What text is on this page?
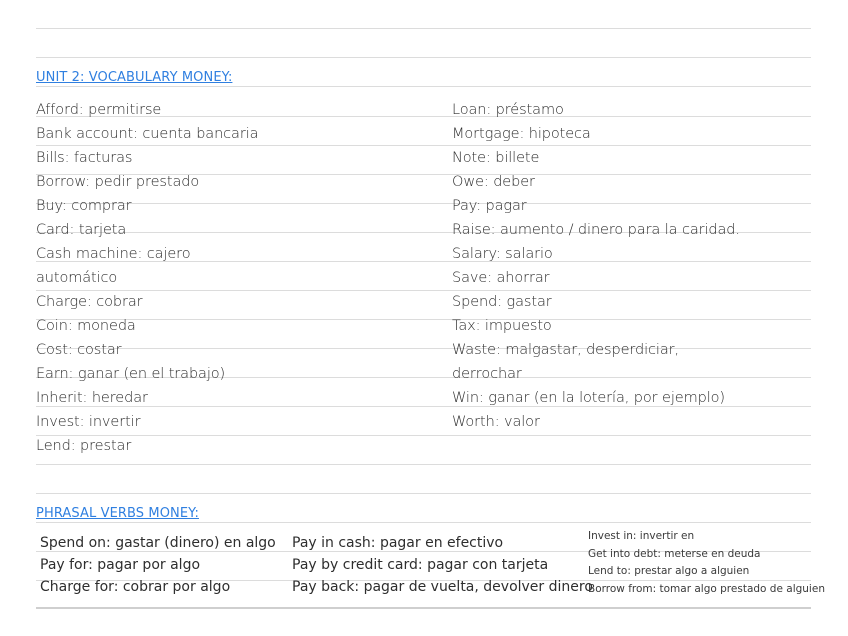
UNIT 2: VOCABULARY MONEY:
Afford: permitirse
Bank account: cuenta bancaria
Bills: facturas
Borrow: pedir prestado
Buy: comprar
Card: tarjeta
Cash machine: cajero
automático
Charge: cobrar
Coin: moneda
Cost: costar
Earn: ganar (en el trabajo)
Inherit: heredar
Invest: invertir
Lend: prestar
Loan: préstamo
Mortgage: hipoteca
Note: billete
Owe: deber
Pay: pagar
Raise: aumento / dinero para la caridad.
Salary: salario
Save: ahorrar
Spend: gastar
Tax: impuesto
Waste: malgastar, desperdiciar,
derrochar
Win: ganar (en la lotería, por ejemplo)
Worth: valor
PHRASAL VERBS MONEY:
Spend on: gastar (dinero) en algo
Pay for: pagar por algo
Charge for: cobrar por algo
Pay in cash: pagar en efectivo
Pay by credit card: pagar con tarjeta
Pay back: pagar de vuelta, devolver dinero
Invest in: invertir en
Get into debt: meterse en deuda
Lend to: prestar algo a alguien
Borrow from: tomar algo prestado de alguien
